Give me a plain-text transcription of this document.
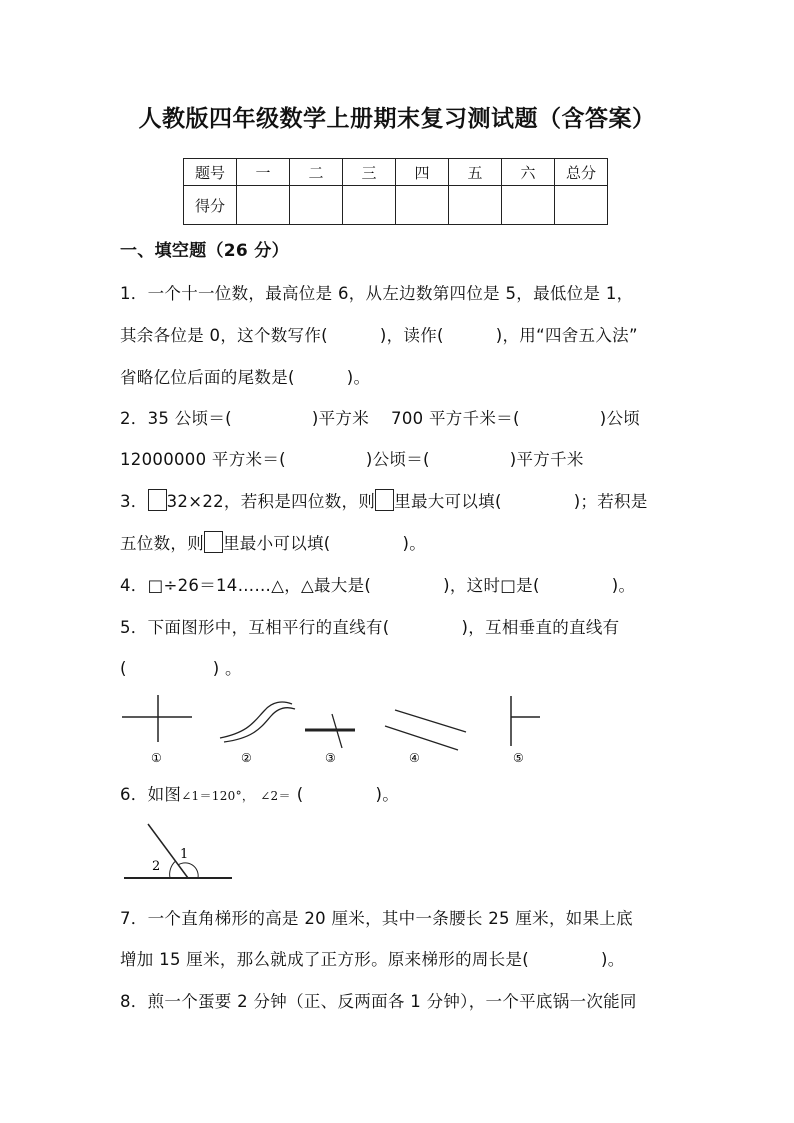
人教版四年级数学上册期末复习测试题（含答案）
题号	一	二	三	四	五	六	总分
得分							
一、填空题（26 分）
1．一个十一位数，最高位是 6，从左边数第四位是 5，最低位是 1，
其余各位是 0，这个数写作(	)，读作(	)，用“四舍五入法”
省略亿位后面的尾数是(	)。
2．35 公顷＝(	)平方米 700 平方千米＝(	)公顷
12000000 平方米＝(	)公顷＝(	)平方千米
3． 32×22，若积是四位数，则 里最大可以填(	)；若积是
五位数，则 里最小可以填(	)。
4．□÷26＝14……△，△最大是(	)，这时□是(	)。
5．下面图形中，互相平行的直线有(	)，互相垂直的直线有
(	) 。
①	②	③	④	⑤
6．如图∠1＝120°， ∠2＝ (	)。
2
1
7．一个直角梯形的高是 20 厘米，其中一条腰长 25 厘米，如果上底
增加 15 厘米，那么就成了正方形。原来梯形的周长是(	)。
8．煎一个蛋要 2 分钟（正、反两面各 1 分钟），一个平底锅一次能同
